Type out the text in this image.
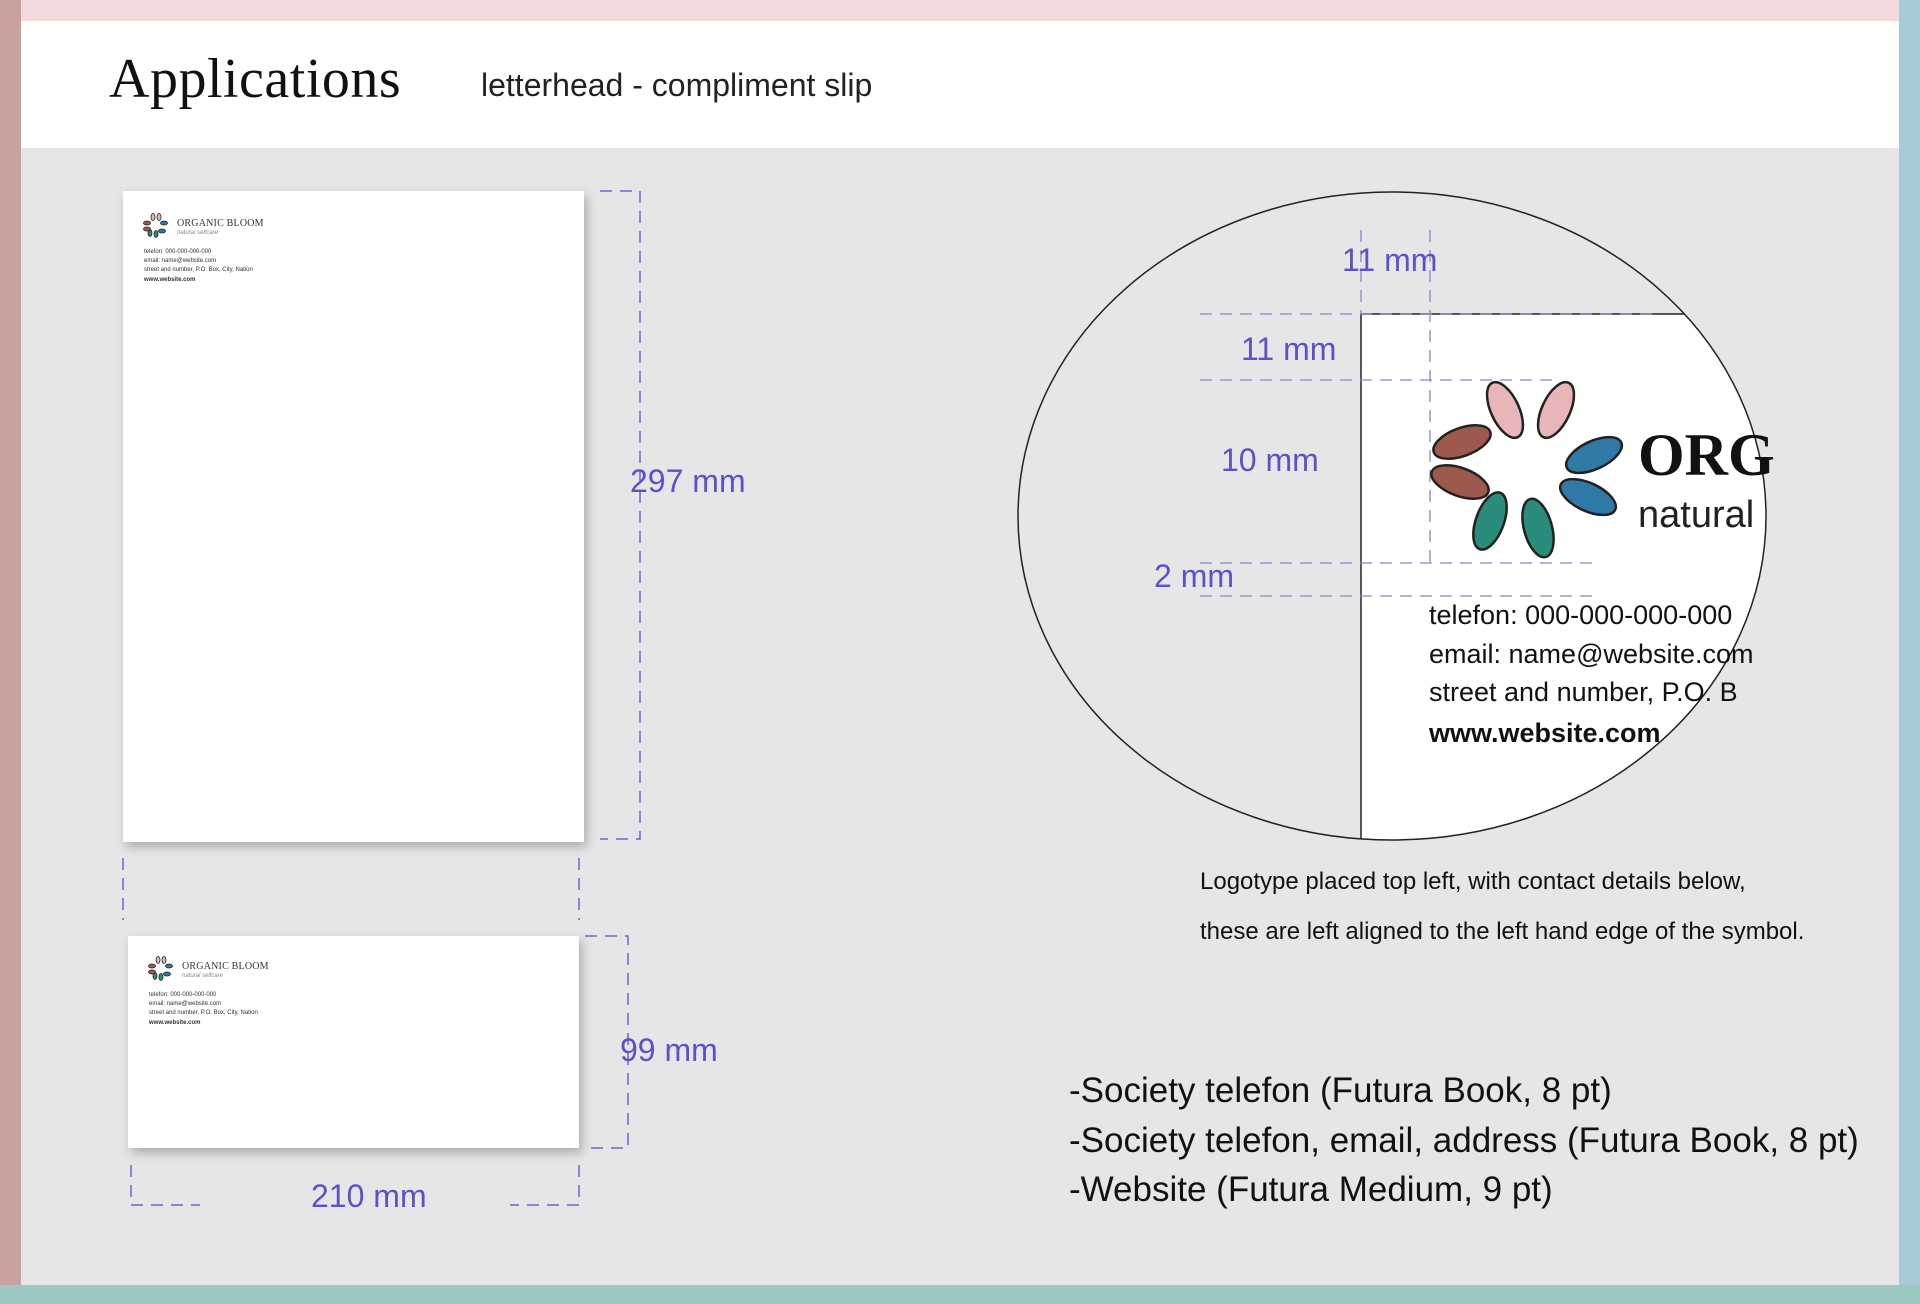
Applications letterhead - compliment slip
ORGANIC BLOOM
natural selfcare
telefon: 000-000-000-000
email: name@website.com
street and number, P.O. Box, City, Nation
www.website.com
ORGANIC BLOOM
natural selfcare
telefon: 000-000-000-000
email: name@website.com
street and number, P.O. Box, City, Nation
www.website.com
ORG
natural
telefon: 000-000-000-000
email: name@website.com
street and number, P.O. B
www.website.com
297 mm
99 mm
210 mm
11 mm
11 mm
10 mm
2 mm
Logotype placed top left, with contact details below,
these are left aligned to the left hand edge of the symbol.
-Society telefon (Futura Book, 8 pt)
-Society telefon, email, address (Futura Book, 8 pt)
-Website (Futura Medium, 9 pt)
